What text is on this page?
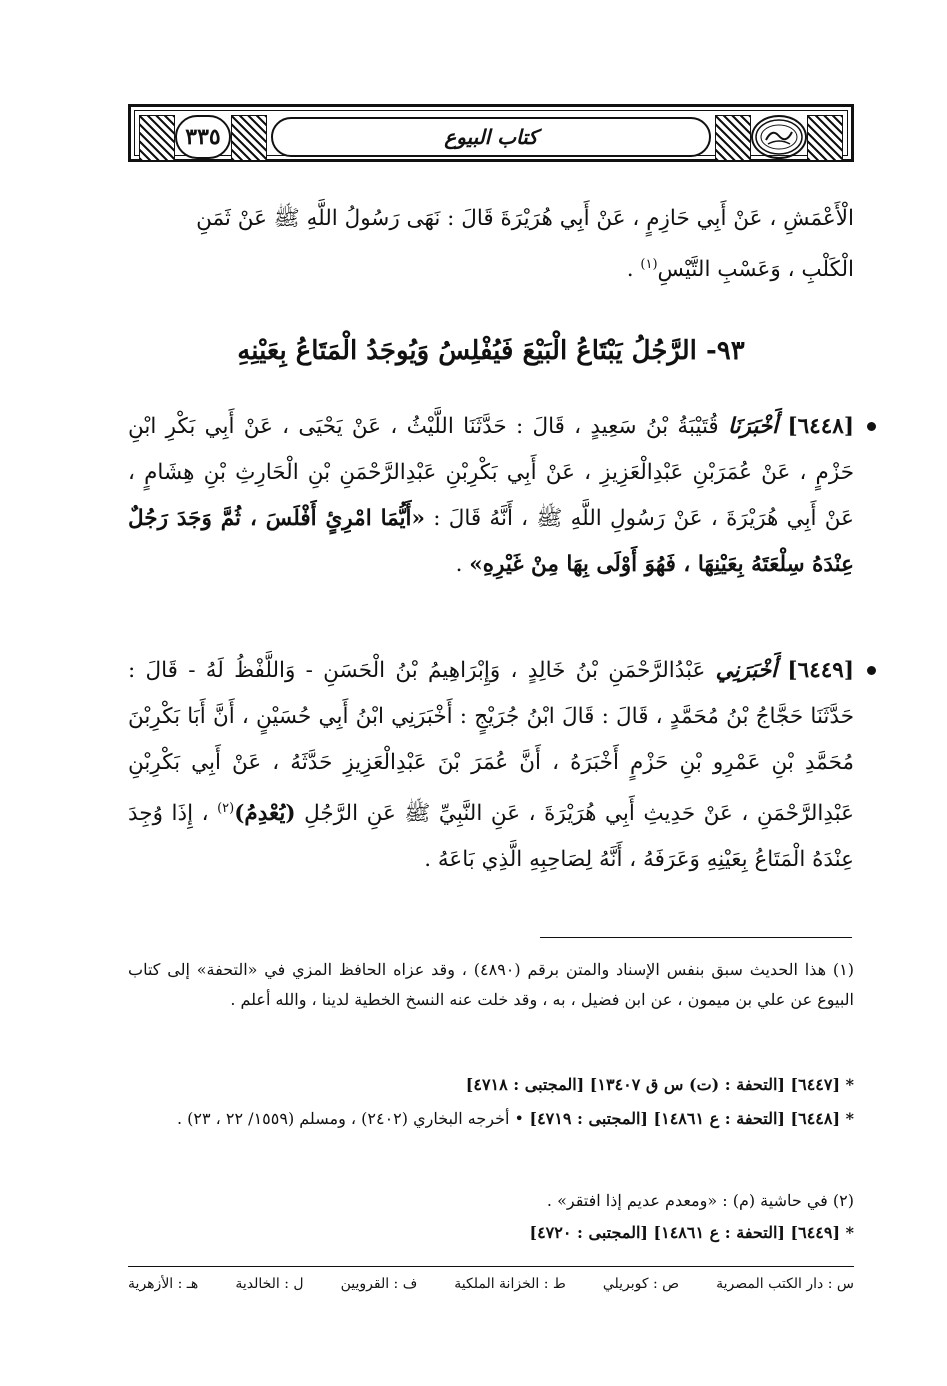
٣٣٥	كتاب البيوع

الْأَعْمَشِ ، عَنْ أَبِي حَازِمٍ ، عَنْ أَبِي هُرَيْرَةَ قَالَ : نَهَى رَسُولُ اللَّهِ ﷺ عَنْ ثَمَنِ

الْكَلْبِ ، وَعَسْبِ التَّيْسِ$^{(١)}$ .

٩٣- الرَّجُلُ يَبْتَاعُ الْبَيْعَ فَيُفْلِسُ وَيُوجَدُ الْمَتَاعُ بِعَيْنِهِ

[٦٤٤٨] أَخْبَرَنَا قُتَيْبَةُ بْنُ سَعِيدٍ ، قَالَ : حَدَّثَنَا اللَّيْثُ ، عَنْ يَحْيَى ، عَنْ أَبِي بَكْرِ ابْنِ حَزْمٍ ، عَنْ عُمَرَبْنِ عَبْدِالْعَزِيزِ ، عَنْ أَبِي بَكْرِبْنِ عَبْدِالرَّحْمَنِ بْنِ الْحَارِثِ بْنِ هِشَامٍ ، عَنْ أَبِي هُرَيْرَةَ ، عَنْ رَسُولِ اللَّهِ ﷺ ، أَنَّهُ قَالَ : «أَيُّمَا امْرِئٍ أَفْلَسَ ، ثُمَّ وَجَدَ رَجُلٌ عِنْدَهُ سِلْعَتَهُ بِعَيْنِهَا ، فَهُوَ أَوْلَى بِهَا مِنْ غَيْرِهِ» .

[٦٤٤٩] أَخْبَرَنِي عَبْدُالرَّحْمَنِ بْنُ خَالِدٍ ، وَإِبْرَاهِيمُ بْنُ الْحَسَنِ - وَاللَّفْظُ لَهُ - قَالَ : حَدَّثَنَا حَجَّاجُ بْنُ مُحَمَّدٍ ، قَالَ : قَالَ ابْنُ جُرَيْجٍ : أَخْبَرَنِي ابْنُ أَبِي حُسَيْنٍ ، أَنَّ أَبَا بَكْرِبْنَ مُحَمَّدِ بْنِ عَمْرِو بْنِ حَزْمٍ أَخْبَرَهُ ، أَنَّ عُمَرَ بْنَ عَبْدِالْعَزِيزِ حَدَّثَهُ ، عَنْ أَبِي بَكْرِبْنِ عَبْدِالرَّحْمَنِ ، عَنْ حَدِيثِ أَبِي هُرَيْرَةَ ، عَنِ النَّبِيِّ ﷺ عَنِ الرَّجُلِ (يُعْدِمُ)$^{(٢)}$ ، إِذَا وُجِدَ عِنْدَهُ الْمَتَاعُ بِعَيْنِهِ وَعَرَفَهُ ، أَنَّهُ لِصَاحِبِهِ الَّذِي بَاعَهُ .

(١) هذا الحديث سبق بنفس الإسناد والمتن برقم (٤٨٩٠) ، وقد عزاه الحافظ المزي في «التحفة» إلى كتاب البيوع عن علي بن ميمون ، عن ابن فضيل ، به ، وقد خلت عنه النسخ الخطية لدينا ، والله أعلم .
* [٦٤٤٧] [التحفة : (ت) س ق ١٣٤٠٧] [المجتبى : ٤٧١٨]
* [٦٤٤٨] [التحفة : ع ١٤٨٦١] [المجتبى : ٤٧١٩] • أخرجه البخاري (٢٤٠٢) ، ومسلم (١٥٥٩/ ٢٢ ، ٢٣) .
(٢) في حاشية (م) : «ومعدم عديم إذا افتقر» .
* [٦٤٤٩] [التحفة : ع ١٤٨٦١] [المجتبى : ٤٧٢٠]
س : دار الكتب المصرية
ص : كوبريلي
ط : الخزانة الملكية
ف : القرويين
ل : الخالدية
هـ : الأزهرية
